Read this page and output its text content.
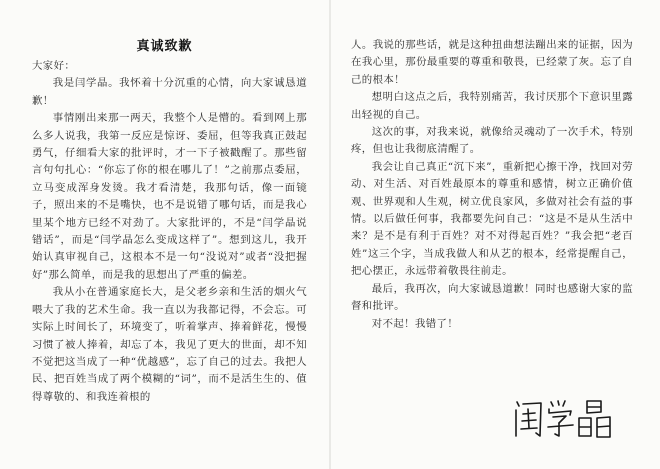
真诚致歉

大家好：

我是闫学晶。我怀着十分沉重的心情，向大家诚恳道歉！

事情刚出来那一两天，我整个人是懵的。看到网上那么多人说我，我第一反应是惊讶、委屈，但等我真正鼓起勇气，仔细看大家的批评时，才一下子被戳醒了。那些留言句句扎心：“你忘了你的根在哪儿了！”之前那点委屈，立马变成浑身发烫。我才看清楚，我那句话，像一面镜子，照出来的不是嘴快，也不是说错了哪句话，而是我心里某个地方已经不对劲了。大家批评的，不是“闫学晶说错话”，而是“闫学晶怎么变成这样了”。想到这儿，我开始认真审视自己，这根本不是一句“没说对”或者“没把握好”那么简单，而是我的思想出了严重的偏差。

我从小在普通家庭长大，是父老乡亲和生活的烟火气喂大了我的艺术生命。我一直以为我都记得，不会忘。可实际上时间长了，环境变了，听着掌声、捧着鲜花，慢慢习惯了被人捧着，却忘了本，我见了更大的世面，却不知不觉把这当成了一种“优越感”，忘了自己的过去。我把人民、把百姓当成了两个模糊的“词”，而不是活生生的、值得尊敬的、和我连着根的

人。我说的那些话，就是这种扭曲想法蹦出来的证据，因为在我心里，那份最重要的尊重和敬畏，已经蒙了灰。忘了自己的根本！

想明白这点之后，我特别痛苦，我讨厌那个下意识里露出轻视的自己。

这次的事，对我来说，就像给灵魂动了一次手术，特别疼，但也让我彻底清醒了。

我会让自己真正“沉下来”，重新把心擦干净，找回对劳动、对生活、对百姓最原本的尊重和感情，树立正确价值观、世界观和人生观，树立优良家风，多做对社会有益的事情。以后做任何事，我都要先问自己：“这是不是从生活中来？是不是有利于百姓？对不对得起百姓？”我会把“老百姓”这三个字，当成我做人和从艺的根本，经常提醒自己，把心摆正，永远带着敬畏往前走。

最后，我再次，向大家诚恳道歉！同时也感谢大家的监督和批评。

对不起！我错了！
